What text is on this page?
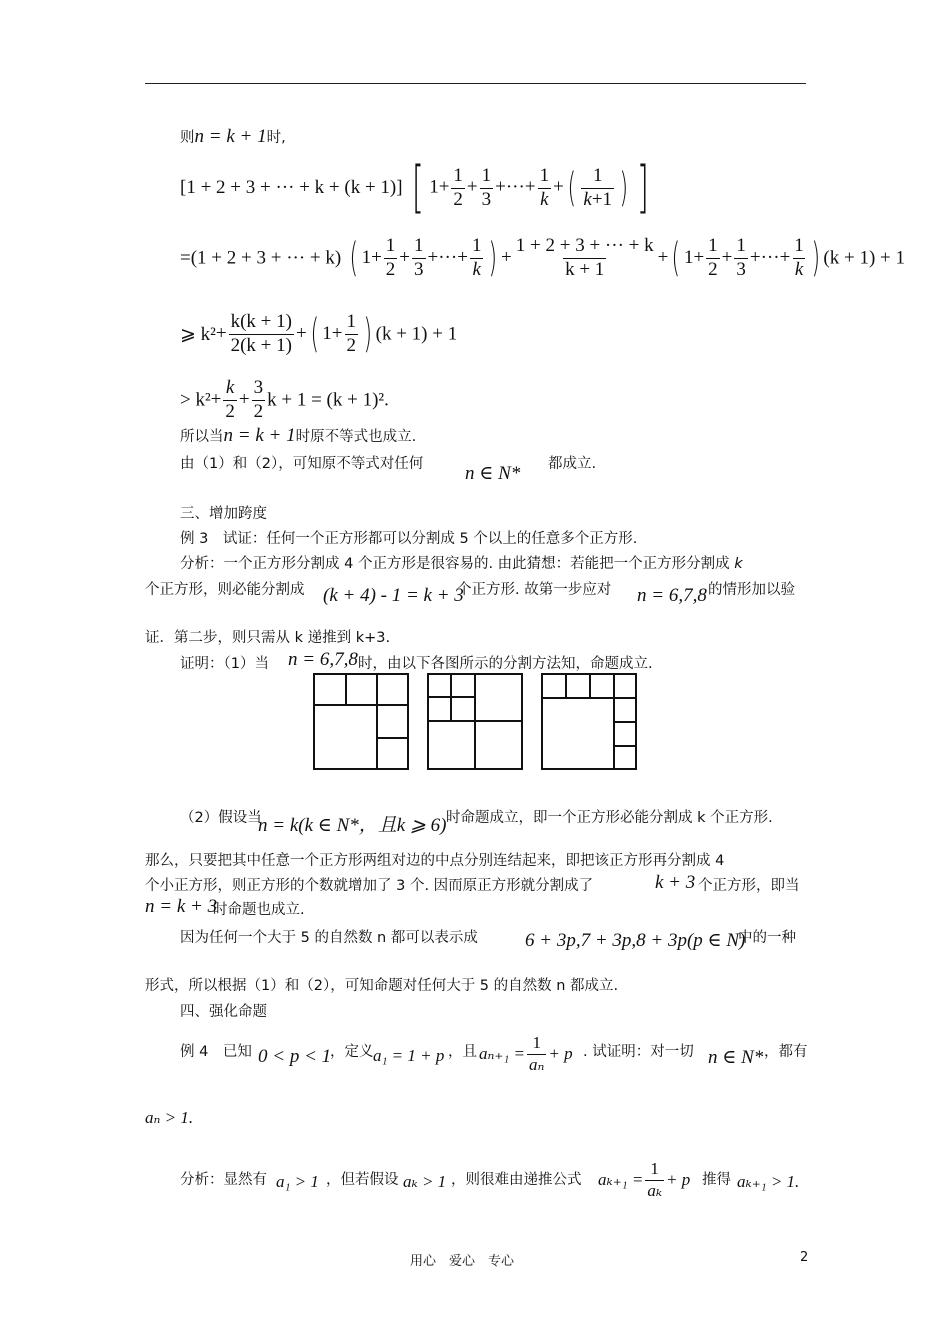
则n = k + 1时,
[1 + 2 + 3 + ··· + k + (k + 1)] [ $1+ \frac{1}{2} + \frac{1}{3}$ +···+ $\frac{1}{k}$ +( $\frac{1}{k+1}$ ) ]
=(1 + 2 + 3 + ··· + k) ( $1+ \frac{1}{2} + \frac{1}{3}$ +···+ $\frac{1}{k}$ ) + $\frac{1 + 2 + 3 + \cdot\cdot\cdot + k}{k + 1}$ +( $1+ \frac{1}{2} + \frac{1}{3}$ +···+ $\frac{1}{k}$ ) (k + 1) + 1
⩾ $k^2+ \frac{k(k + 1)}{2(k + 1)}$ +( $1+ \frac{1}{2}$ ) (k + 1) + 1
> $k^2+ \frac{k}{2} + \frac{3}{2}$ k + 1 = (k + 1)².
所以当n = k + 1时原不等式也成立.
由（1）和（2），可知原不等式对任何 n ∈ N* 都成立.
三、增加跨度
例 3　试证：任何一个正方形都可以分割成 5 个以上的任意多个正方形.
分析：一个正方形分割成 4 个正方形是很容易的. 由此猜想：若能把一个正方形分割成 k
个正方形，则必能分割成 (k + 4) - 1 = k + 3
个正方形. 故第一步应对 n = 6,7,8 的情形加以验
证．第二步，则只需从 k 递推到 k+3.
证明：（1）当 n = 6,7,8 时，由以下各图所示的分割方法知，命题成立.
（2）假设当
n = k(k ∈ N*，且k ⩾ 6) 时命题成立，即一个正方形必能分割成 k 个正方形.
那么，只要把其中任意一个正方形两组对边的中点分别连结起来，即把该正方形再分割成 4
个小正方形，则正方形的个数就增加了 3 个. 因而原正方形就分割成了	k + 3 个正方形，即当
n = k + 3
时命题也成立.
因为任何一个大于 5 的自然数 n 都可以表示成 6 + 3p,7 + 3p,8 + 3p(p ∈ N)
中的一种
形式，所以根据（1）和（2），可知命题对任何大于 5 的自然数 n 都成立.
四、强化命题
例 4　已知 0 < p < 1
，定义 a₁ = 1 + p ，且 $a_{n+1} = \frac{1}{\text{aₙ}} + p$ . 试证明：对一切 n ∈ N* ，都有
aₙ > 1.
分析：显然有 a₁ > 1 ，但若假设 aₖ > 1 ，则很难由递推公式 $a_{k+1} = \frac{1}{\text{aₖ}} + p$ 推得 aₖ₊₁ > 1.
用心　爱心　专心	2
